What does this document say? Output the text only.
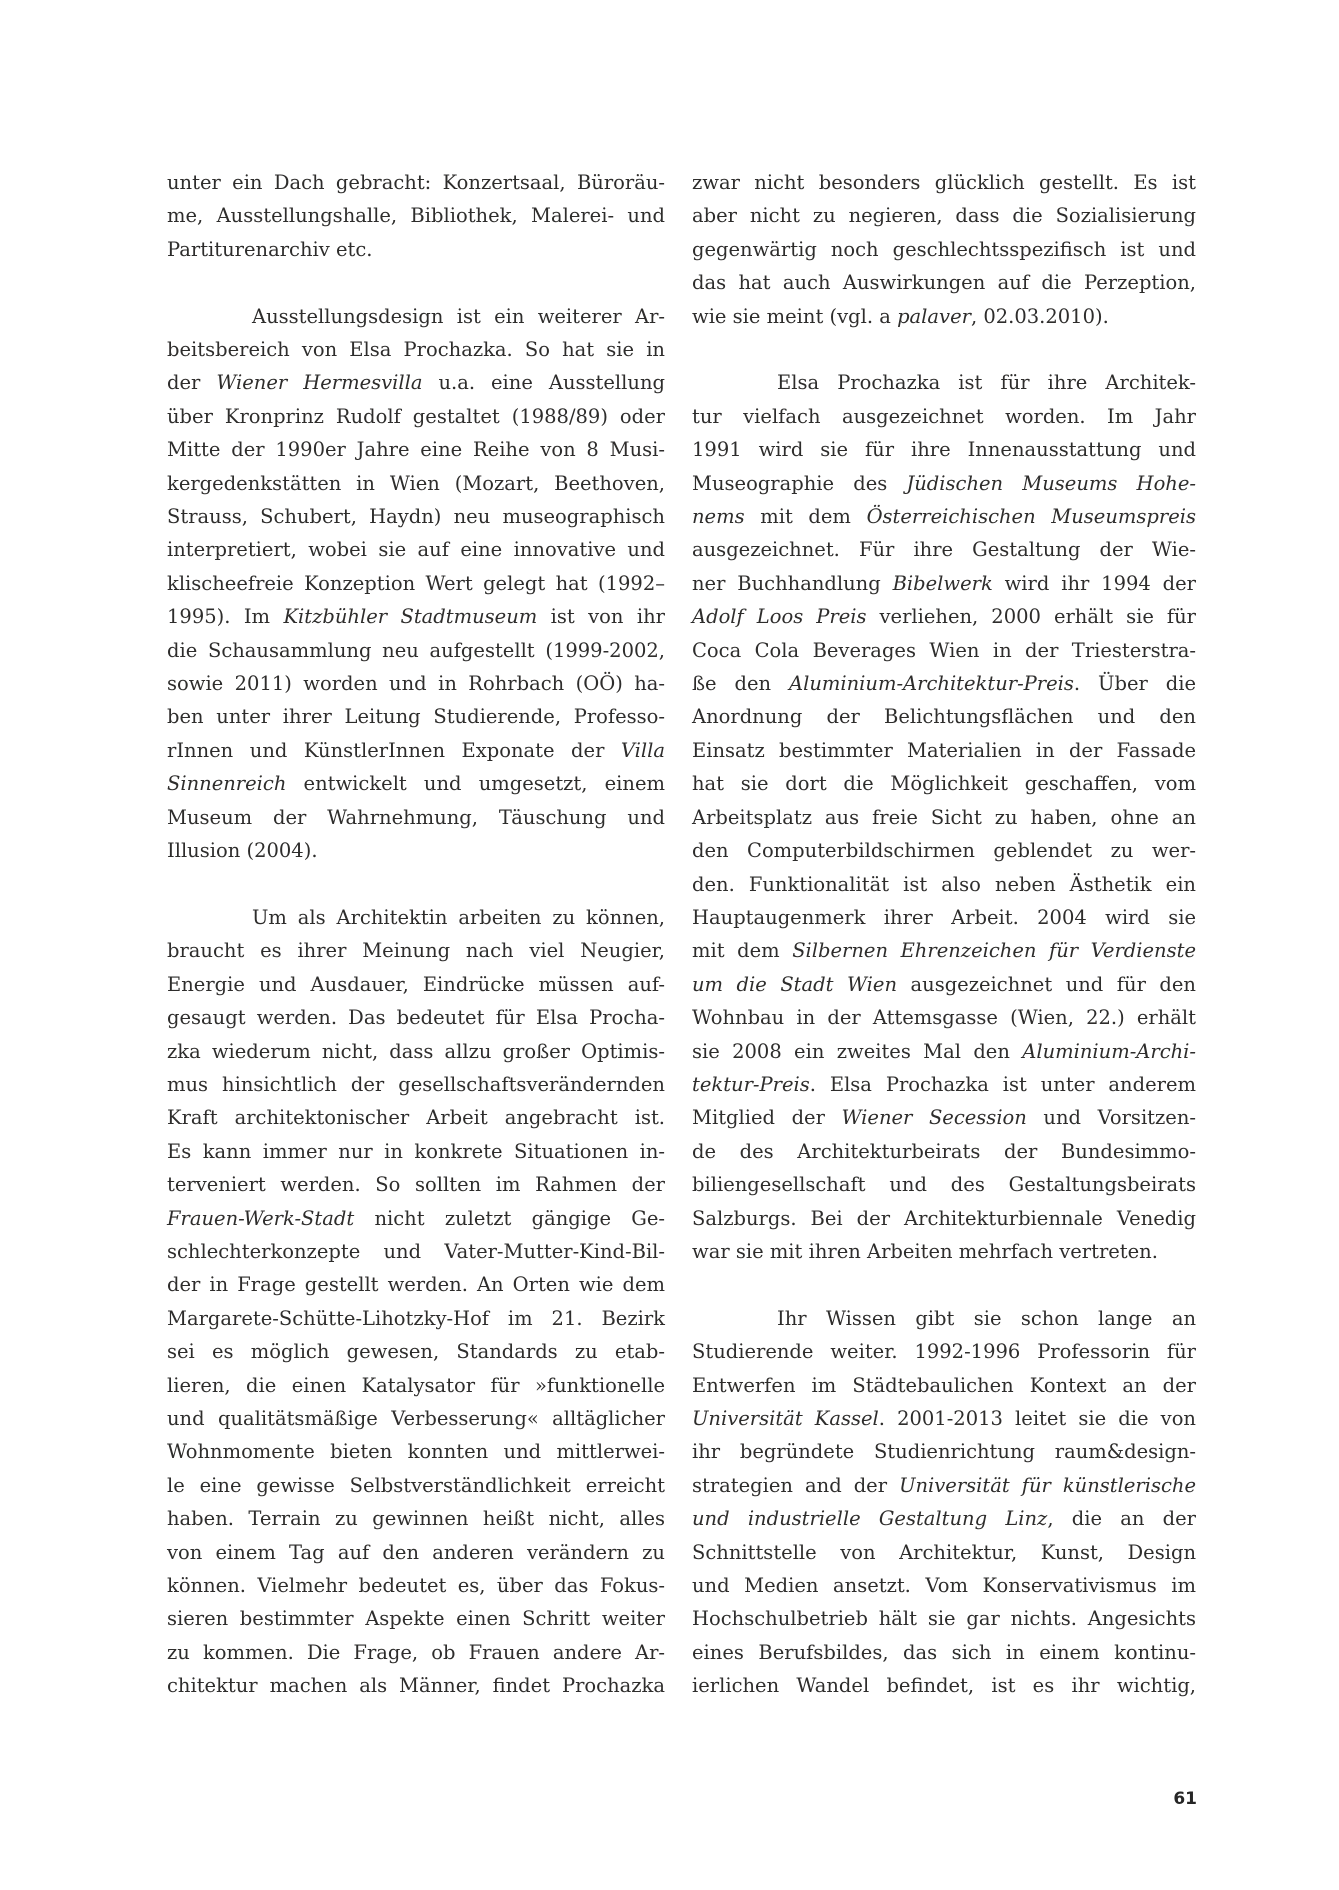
unter ein Dach gebracht: Konzertsaal, Büroräu-
me, Ausstellungshalle, Bibliothek, Malerei- und
Partiturenarchiv etc.
Ausstellungsdesign ist ein weiterer Ar-
beitsbereich von Elsa Prochazka. So hat sie in
der Wiener Hermesvilla u.a. eine Ausstellung
über Kronprinz Rudolf gestaltet (1988/89) oder
Mitte der 1990er Jahre eine Reihe von 8 Musi-
kergedenkstätten in Wien (Mozart, Beethoven,
Strauss, Schubert, Haydn) neu museographisch
interpretiert, wobei sie auf eine innovative und
klischeefreie Konzeption Wert gelegt hat (1992–
1995). Im Kitzbühler Stadtmuseum ist von ihr
die Schausammlung neu aufgestellt (1999-2002,
sowie 2011) worden und in Rohrbach (OÖ) ha-
ben unter ihrer Leitung Studierende, Professo-
rInnen und KünstlerInnen Exponate der Villa
Sinnenreich entwickelt und umgesetzt, einem
Museum der Wahrnehmung, Täuschung und
Illusion (2004).
Um als Architektin arbeiten zu können,
braucht es ihrer Meinung nach viel Neugier,
Energie und Ausdauer, Eindrücke müssen auf-
gesaugt werden. Das bedeutet für Elsa Procha-
zka wiederum nicht, dass allzu großer Optimis-
mus hinsichtlich der gesellschaftsverändernden
Kraft architektonischer Arbeit angebracht ist.
Es kann immer nur in konkrete Situationen in-
terveniert werden. So sollten im Rahmen der
Frauen-Werk-Stadt nicht zuletzt gängige Ge-
schlechterkonzepte und Vater-Mutter-Kind-Bil-
der in Frage gestellt werden. An Orten wie dem
Margarete-Schütte-Lihotzky-Hof im 21. Bezirk
sei es möglich gewesen, Standards zu etab-
lieren, die einen Katalysator für »funktionelle
und qualitätsmäßige Verbesserung« alltäglicher
Wohnmomente bieten konnten und mittlerwei-
le eine gewisse Selbstverständlichkeit erreicht
haben. Terrain zu gewinnen heißt nicht, alles
von einem Tag auf den anderen verändern zu
können. Vielmehr bedeutet es, über das Fokus-
sieren bestimmter Aspekte einen Schritt weiter
zu kommen. Die Frage, ob Frauen andere Ar-
chitektur machen als Männer, findet Prochazka
zwar nicht besonders glücklich gestellt. Es ist
aber nicht zu negieren, dass die Sozialisierung
gegenwärtig noch geschlechtsspezifisch ist und
das hat auch Auswirkungen auf die Perzeption,
wie sie meint (vgl. a palaver, 02.03.2010).
Elsa Prochazka ist für ihre Architek-
tur vielfach ausgezeichnet worden. Im Jahr
1991 wird sie für ihre Innenausstattung und
Museographie des Jüdischen Museums Hohe-
nems mit dem Österreichischen Museumspreis
ausgezeichnet. Für ihre Gestaltung der Wie-
ner Buchhandlung Bibelwerk wird ihr 1994 der
Adolf Loos Preis verliehen, 2000 erhält sie für
Coca Cola Beverages Wien in der Triesterstra-
ße den Aluminium-Architektur-Preis. Über die
Anordnung der Belichtungsflächen und den
Einsatz bestimmter Materialien in der Fassade
hat sie dort die Möglichkeit geschaffen, vom
Arbeitsplatz aus freie Sicht zu haben, ohne an
den Computerbildschirmen geblendet zu wer-
den. Funktionalität ist also neben Ästhetik ein
Hauptaugenmerk ihrer Arbeit. 2004 wird sie
mit dem Silbernen Ehrenzeichen für Verdienste
um die Stadt Wien ausgezeichnet und für den
Wohnbau in der Attemsgasse (Wien, 22.) erhält
sie 2008 ein zweites Mal den Aluminium-Archi-
tektur-Preis. Elsa Prochazka ist unter anderem
Mitglied der Wiener Secession und Vorsitzen-
de des Architekturbeirats der Bundesimmo-
biliengesellschaft und des Gestaltungsbeirats
Salzburgs. Bei der Architekturbiennale Venedig
war sie mit ihren Arbeiten mehrfach vertreten.
Ihr Wissen gibt sie schon lange an
Studierende weiter. 1992-1996 Professorin für
Entwerfen im Städtebaulichen Kontext an der
Universität Kassel. 2001-2013 leitet sie die von
ihr begründete Studienrichtung raum&design-
strategien and der Universität für künstlerische
und industrielle Gestaltung Linz, die an der
Schnittstelle von Architektur, Kunst, Design
und Medien ansetzt. Vom Konservativismus im
Hochschulbetrieb hält sie gar nichts. Angesichts
eines Berufsbildes, das sich in einem kontinu-
ierlichen Wandel befindet, ist es ihr wichtig,
61
